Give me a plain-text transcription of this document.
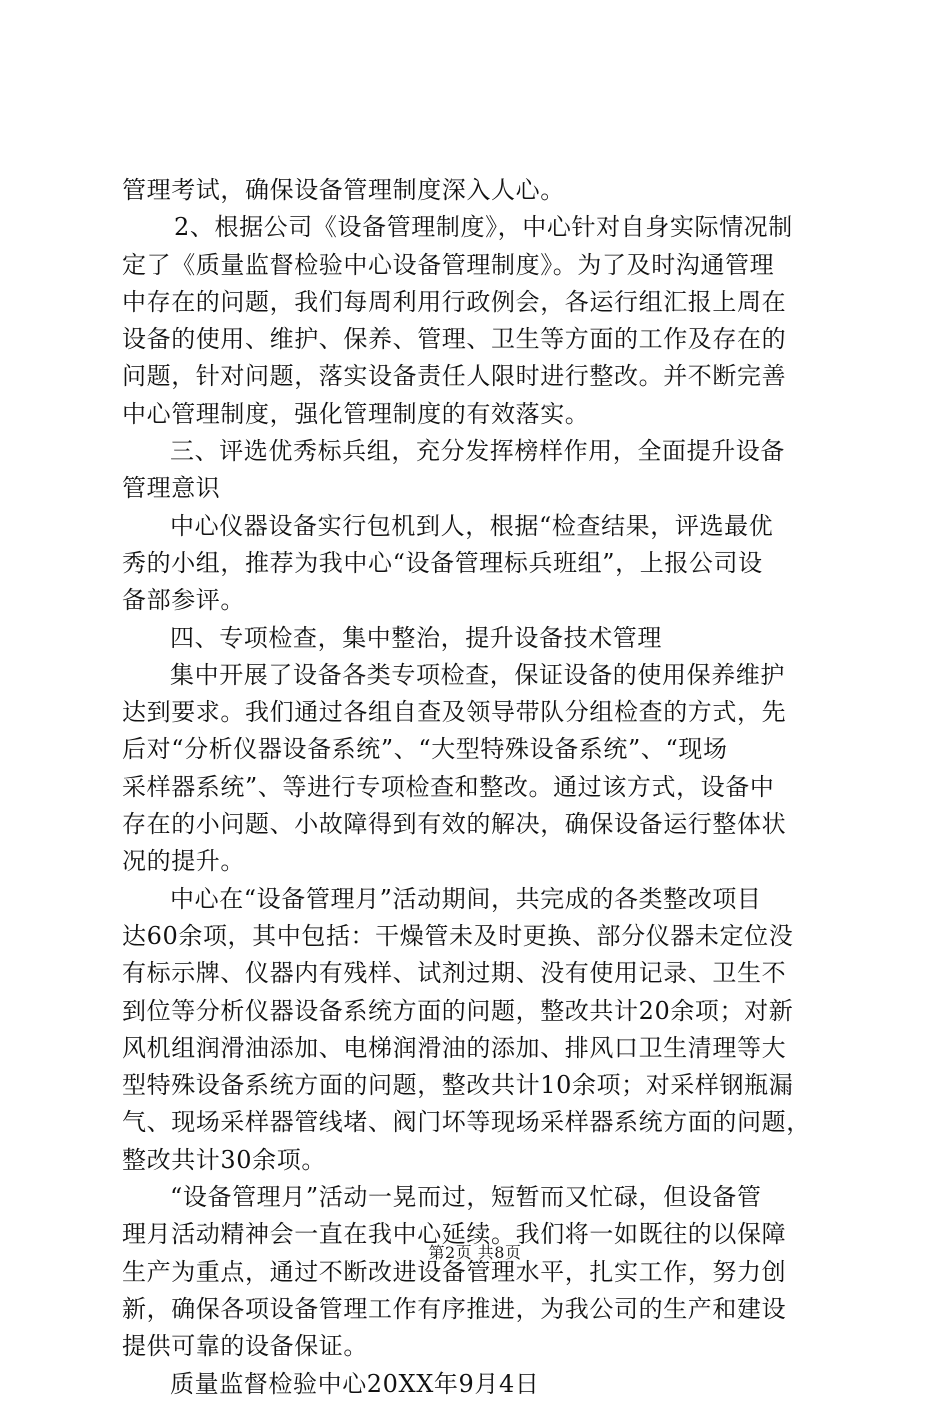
管理考试，确保设备管理制度深入人心。
2、根据公司《设备管理制度》，中心针对自身实际情况制
定了《质量监督检验中心设备管理制度》。为了及时沟通管理
中存在的问题，我们每周利用行政例会，各运行组汇报上周在
设备的使用、维护、保养、管理、卫生等方面的工作及存在的
问题，针对问题，落实设备责任人限时进行整改。并不断完善
中心管理制度，强化管理制度的有效落实。
三、评选优秀标兵组，充分发挥榜样作用，全面提升设备
管理意识
中心仪器设备实行包机到人，根据“检查结果，评选最优
秀的小组，推荐为我中心“设备管理标兵班组”，上报公司设
备部参评。
四、专项检查，集中整治，提升设备技术管理
集中开展了设备各类专项检查，保证设备的使用保养维护
达到要求。我们通过各组自查及领导带队分组检查的方式，先
后对“分析仪器设备系统”、“大型特殊设备系统”、“现场
采样器系统”、等进行专项检查和整改。通过该方式，设备中
存在的小问题、小故障得到有效的解决，确保设备运行整体状
况的提升。
中心在“设备管理月”活动期间，共完成的各类整改项目
达60余项，其中包括：干燥管未及时更换、部分仪器未定位没
有标示牌、仪器内有残样、试剂过期、没有使用记录、卫生不
到位等分析仪器设备系统方面的问题，整改共计20余项；对新
风机组润滑油添加、电梯润滑油的添加、排风口卫生清理等大
型特殊设备系统方面的问题，整改共计10余项；对采样钢瓶漏
气、现场采样器管线堵、阀门坏等现场采样器系统方面的问题，
整改共计30余项。
“设备管理月”活动一晃而过，短暂而又忙碌，但设备管
理月活动精神会一直在我中心延续。我们将一如既往的以保障
生产为重点，通过不断改进设备管理水平，扎实工作，努力创
新，确保各项设备管理工作有序推进，为我公司的生产和建设
提供可靠的设备保证。
质量监督检验中心20XX年9月4日
第2页 共8页
